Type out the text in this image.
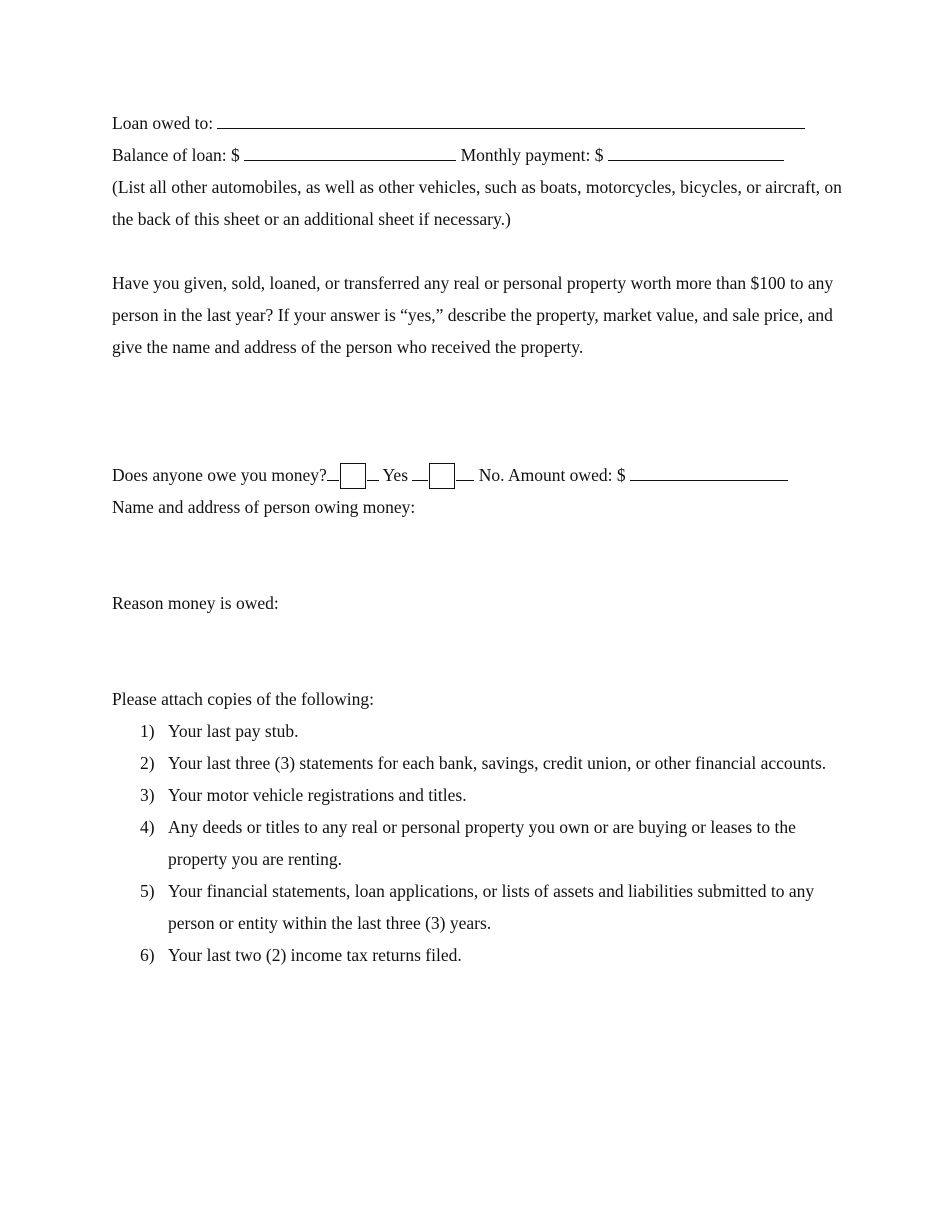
Loan owed to:
Balance of loan: $	Monthly payment: $
(List all other automobiles, as well as other vehicles, such as boats, motorcycles, bicycles, or aircraft, on the back of this sheet or an additional sheet if necessary.)
Have you given, sold, loaned, or transferred any real or personal property worth more than $100 to any person in the last year? If your answer is “yes,” describe the property, market value, and sale price, and give the name and address of the person who received the property.
Does anyone owe you money?	Yes	No. Amount owed: $
Name and address of person owing money:
Reason money is owed:
Please attach copies of the following:
1) Your last pay stub.
2) Your last three (3) statements for each bank, savings, credit union, or other financial accounts.
3) Your motor vehicle registrations and titles.
4) Any deeds or titles to any real or personal property you own or are buying or leases to the property you are renting.
5) Your financial statements, loan applications, or lists of assets and liabilities submitted to any person or entity within the last three (3) years.
6) Your last two (2) income tax returns filed.
